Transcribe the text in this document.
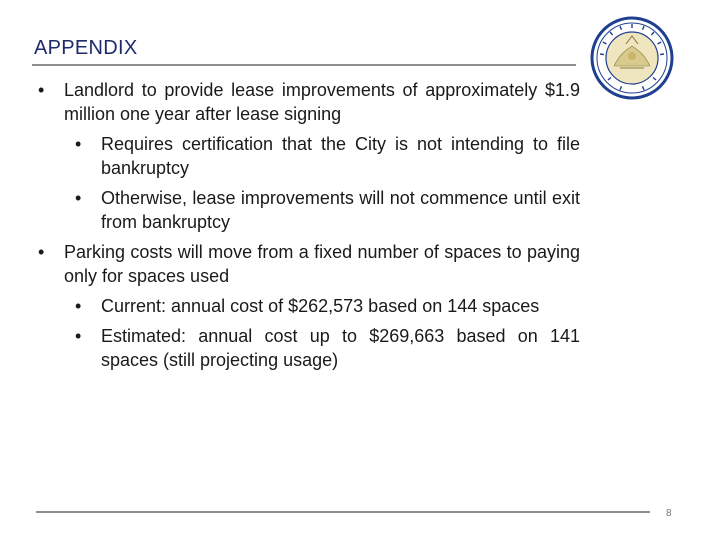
APPENDIX
•	Landlord to provide lease improvements of approximately $1.9 million one year after lease signing
•	Requires certification that the City is not intending to file bankruptcy
•	Otherwise, lease improvements will not commence until exit from bankruptcy
•	Parking costs will move from a fixed number of spaces to paying only for spaces used
•	Current: annual cost of $262,573 based on 144 spaces
•	Estimated: annual cost up to $269,663 based on 141 spaces (still projecting usage)
8
